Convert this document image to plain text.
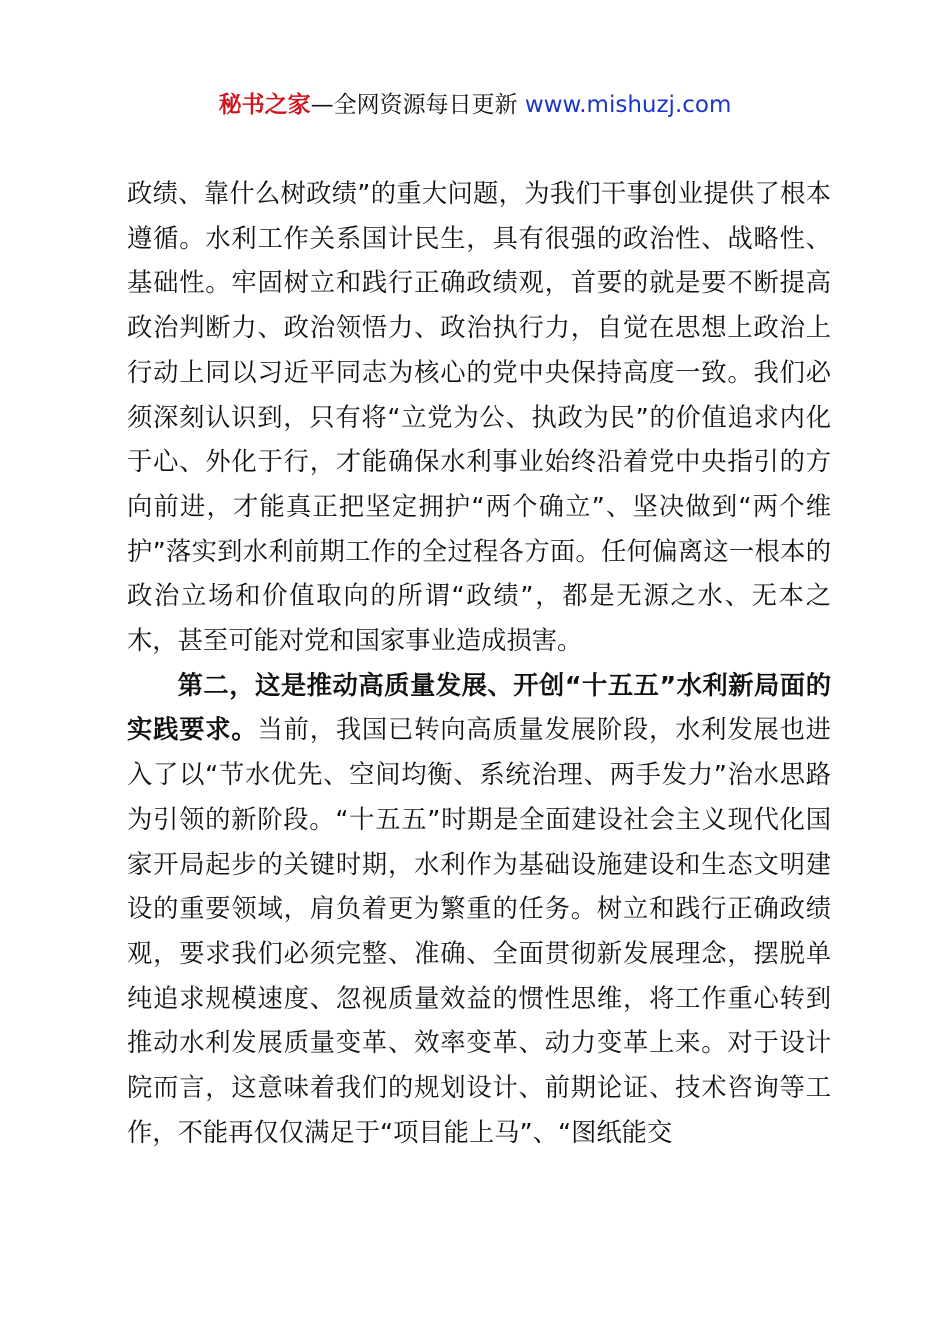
秘书之家—全网资源每日更新 www.mishuzj.com

政绩、靠什么树政绩”的重大问题，为我们干事创业提供了根本遵循。水利工作关系国计民生，具有很强的政治性、战略性、基础性。牢固树立和践行正确政绩观，首要的就是要不断提高政治判断力、政治领悟力、政治执行力，自觉在思想上政治上行动上同以习近平同志为核心的党中央保持高度一致。我们必须深刻认识到，只有将“立党为公、执政为民”的价值追求内化于心、外化于行，才能确保水利事业始终沿着党中央指引的方向前进，才能真正把坚定拥护“两个确立”、坚决做到“两个维护”落实到水利前期工作的全过程各方面。任何偏离这一根本的政治立场和价值取向的所谓“政绩”，都是无源之水、无本之木，甚至可能对党和国家事业造成损害。

第二，这是推动高质量发展、开创“十五五”水利新局面的实践要求。当前，我国已转向高质量发展阶段，水利发展也进入了以“节水优先、空间均衡、系统治理、两手发力”治水思路为引领的新阶段。“十五五”时期是全面建设社会主义现代化国家开局起步的关键时期，水利作为基础设施建设和生态文明建设的重要领域，肩负着更为繁重的任务。树立和践行正确政绩观，要求我们必须完整、准确、全面贯彻新发展理念，摆脱单纯追求规模速度、忽视质量效益的惯性思维，将工作重心转到推动水利发展质量变革、效率变革、动力变革上来。对于设计院而言，这意味着我们的规划设计、前期论证、技术咨询等工作，不能再仅仅满足于“项目能上马”、“图纸能交
